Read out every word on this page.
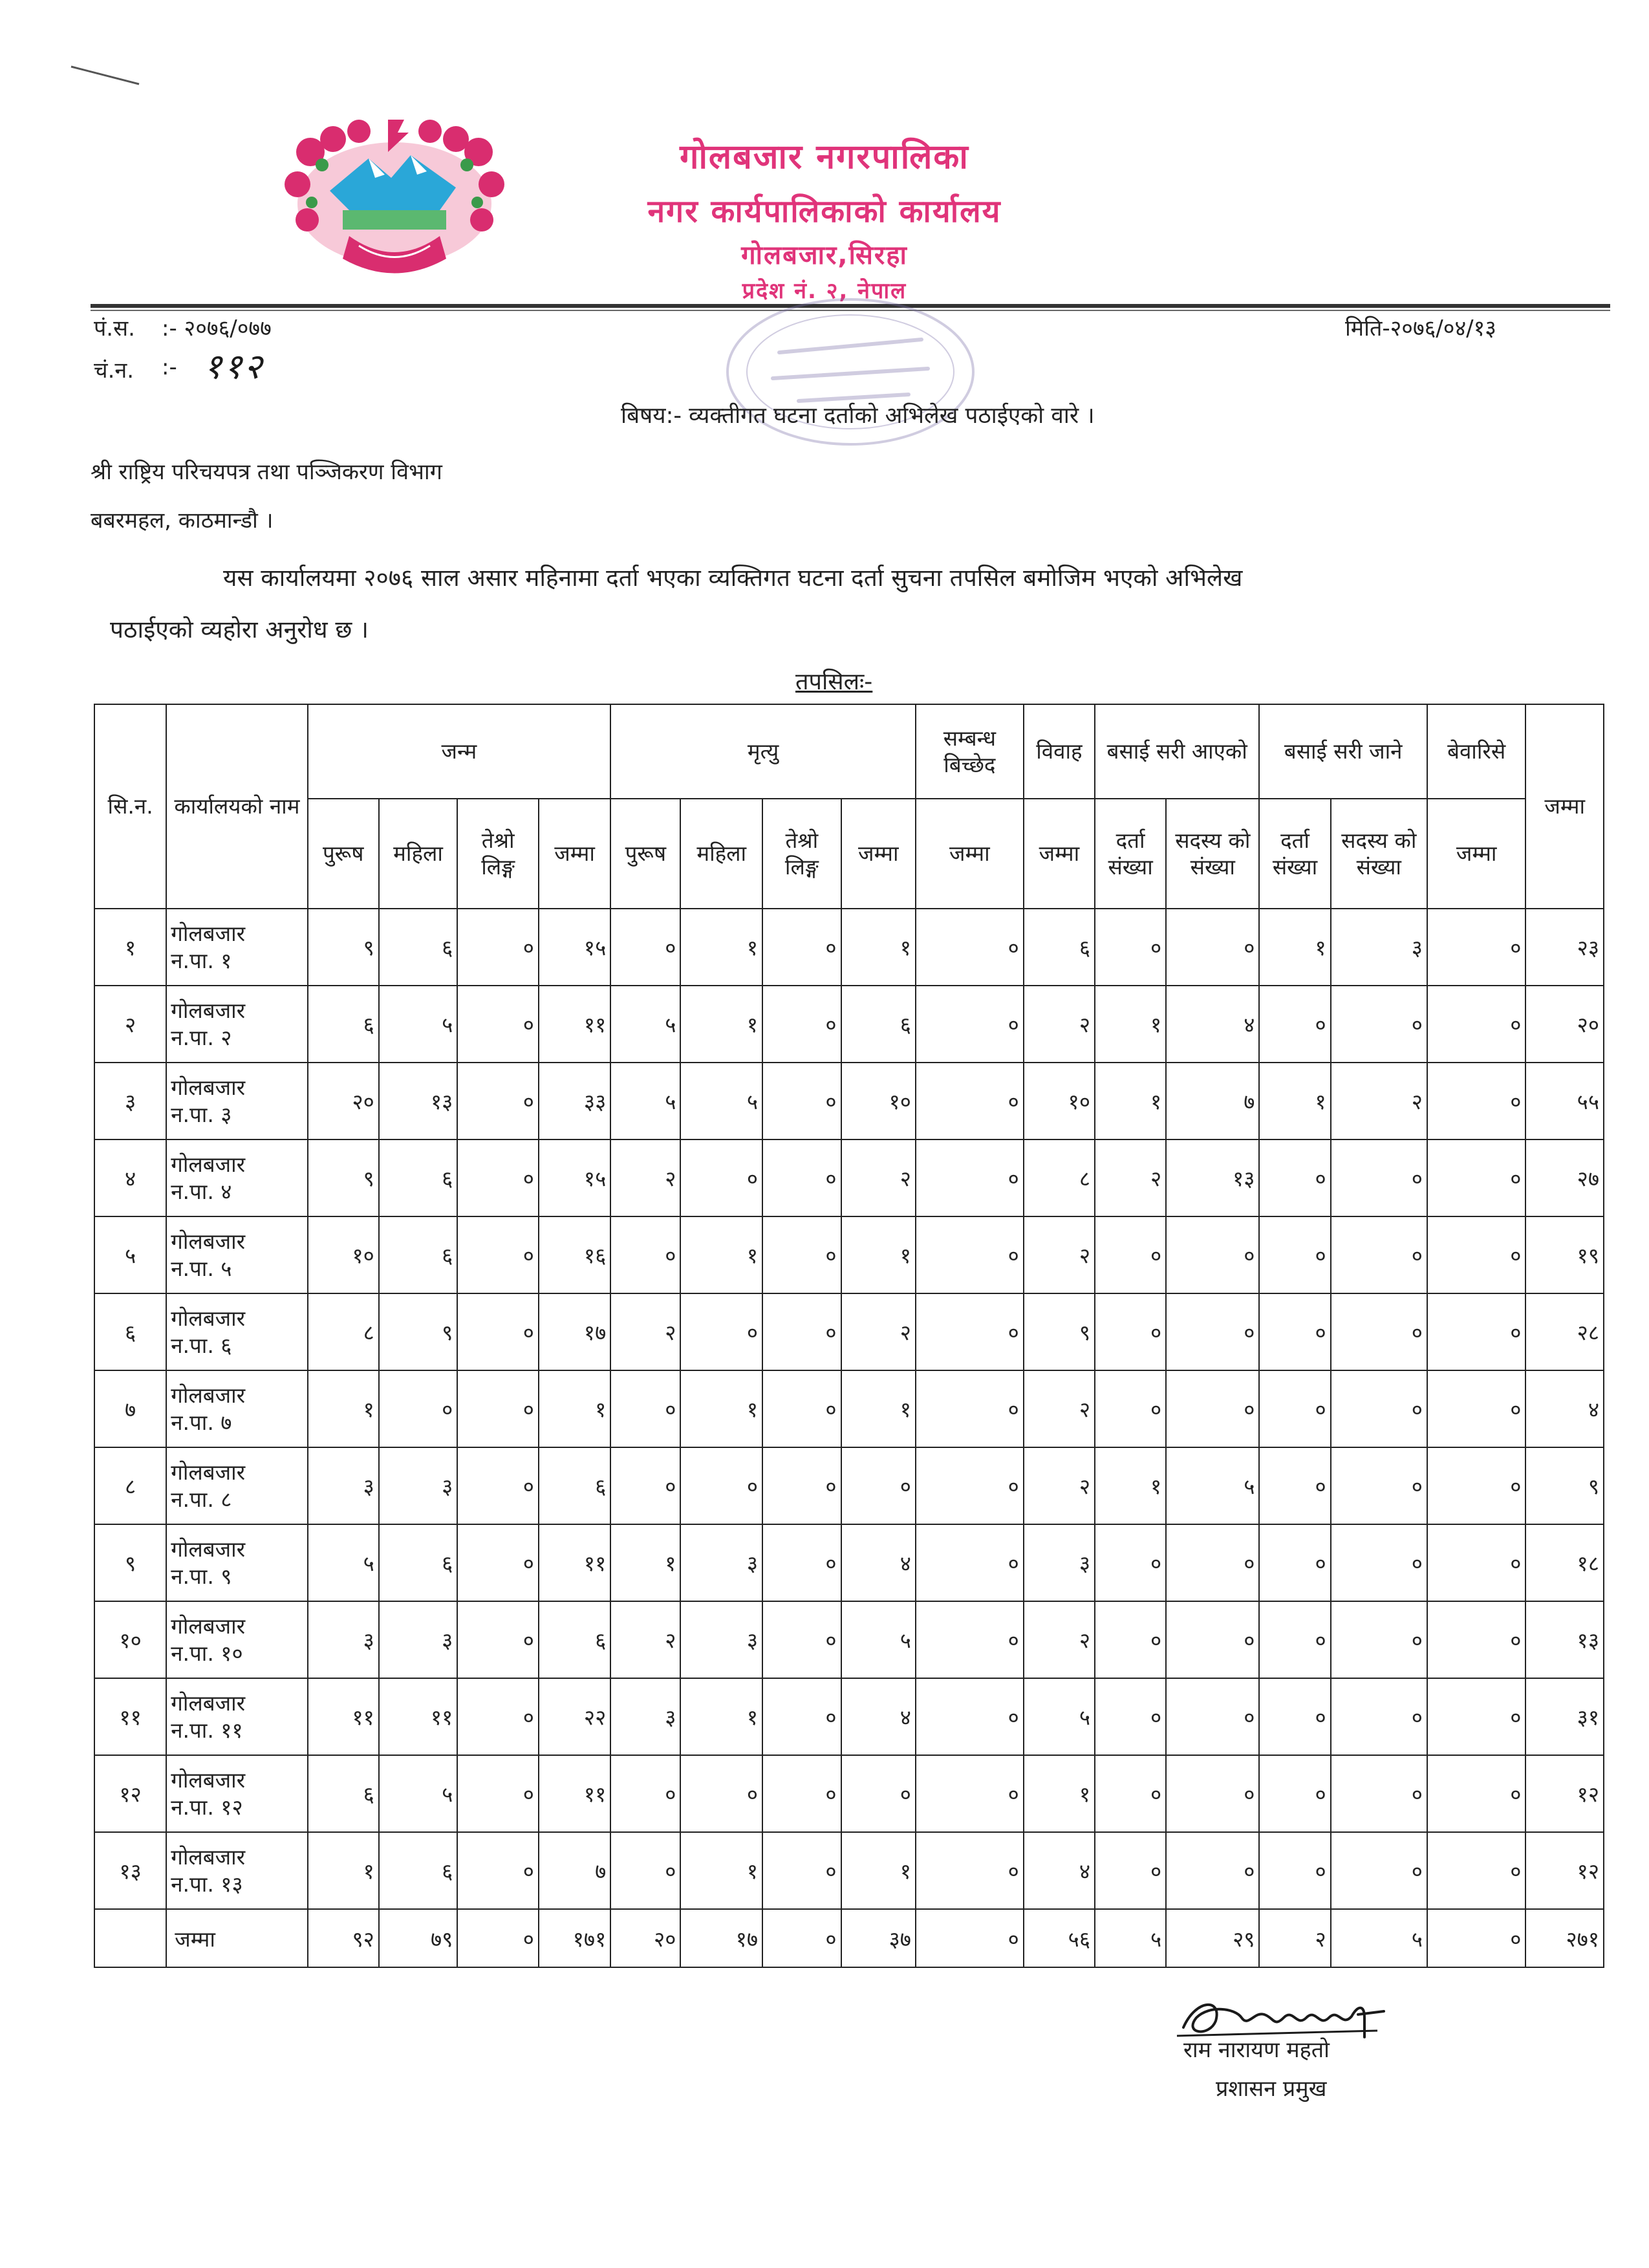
गोलबजार नगरपालिका
नगर कार्यपालिकाको कार्यालय
गोलबजार,सिरहा
प्रदेश नं. २, नेपाल
पं.स. :- २०७६/०७७
चं.न. :- ११२
मिति-२०७६/०४/१३
बिषय:- व्यक्तीगत घटना दर्ताको अभिलेख पठाईएको वारे ।
श्री राष्ट्रिय परिचयपत्र तथा पञ्जिकरण विभाग
बबरमहल, काठमान्डौ ।
यस कार्यालयमा २०७६ साल असार महिनामा दर्ता भएका व्यक्तिगत घटना दर्ता सुचना तपसिल बमोजिम भएको अभिलेख
पठाईएको व्यहोरा अनुरोध छ ।
तपसिलः-
सि.न.	कार्यालयको नाम	जन्म				मृत्यु				सम्बन्ध बिच्छेद	विवाह	बसाई सरी आएको		बसाई सरी जाने		बेवारिसे	जम्मा
		पुरूष	महिला	तेश्रो लिङ्ग	जम्मा	पुरूष	महिला	तेश्रो लिङ्ग	जम्मा	जम्मा	जम्मा	दर्ता संख्या	सदस्य को संख्या	दर्ता संख्या	सदस्य को संख्या	जम्मा	
१	गोलबजार
न.पा. १	९	६	०	१५	०	१	०	१	०	६	०	०	१	३	०	२३
२	गोलबजार
न.पा. २	६	५	०	११	५	१	०	६	०	२	१	४	०	०	०	२०
३	गोलबजार
न.पा. ३	२०	१३	०	३३	५	५	०	१०	०	१०	१	७	१	२	०	५५
४	गोलबजार
न.पा. ४	९	६	०	१५	२	०	०	२	०	८	२	१३	०	०	०	२७
५	गोलबजार
न.पा. ५	१०	६	०	१६	०	१	०	१	०	२	०	०	०	०	०	१९
६	गोलबजार
न.पा. ६	८	९	०	१७	२	०	०	२	०	९	०	०	०	०	०	२८
७	गोलबजार
न.पा. ७	१	०	०	१	०	१	०	१	०	२	०	०	०	०	०	४
८	गोलबजार
न.पा. ८	३	३	०	६	०	०	०	०	०	२	१	५	०	०	०	९
९	गोलबजार
न.पा. ९	५	६	०	११	१	३	०	४	०	३	०	०	०	०	०	१८
१०	गोलबजार
न.पा. १०	३	३	०	६	२	३	०	५	०	२	०	०	०	०	०	१३
११	गोलबजार
न.पा. ११	११	११	०	२२	३	१	०	४	०	५	०	०	०	०	०	३१
१२	गोलबजार
न.पा. १२	६	५	०	११	०	०	०	०	०	१	०	०	०	०	०	१२
१३	गोलबजार
न.पा. १३	१	६	०	७	०	१	०	१	०	४	०	०	०	०	०	१२
	जम्मा	९२	७९	०	१७१	२०	१७	०	३७	०	५६	५	२९	२	५	०	२७१
राम नारायण महतो
प्रशासन प्रमुख
